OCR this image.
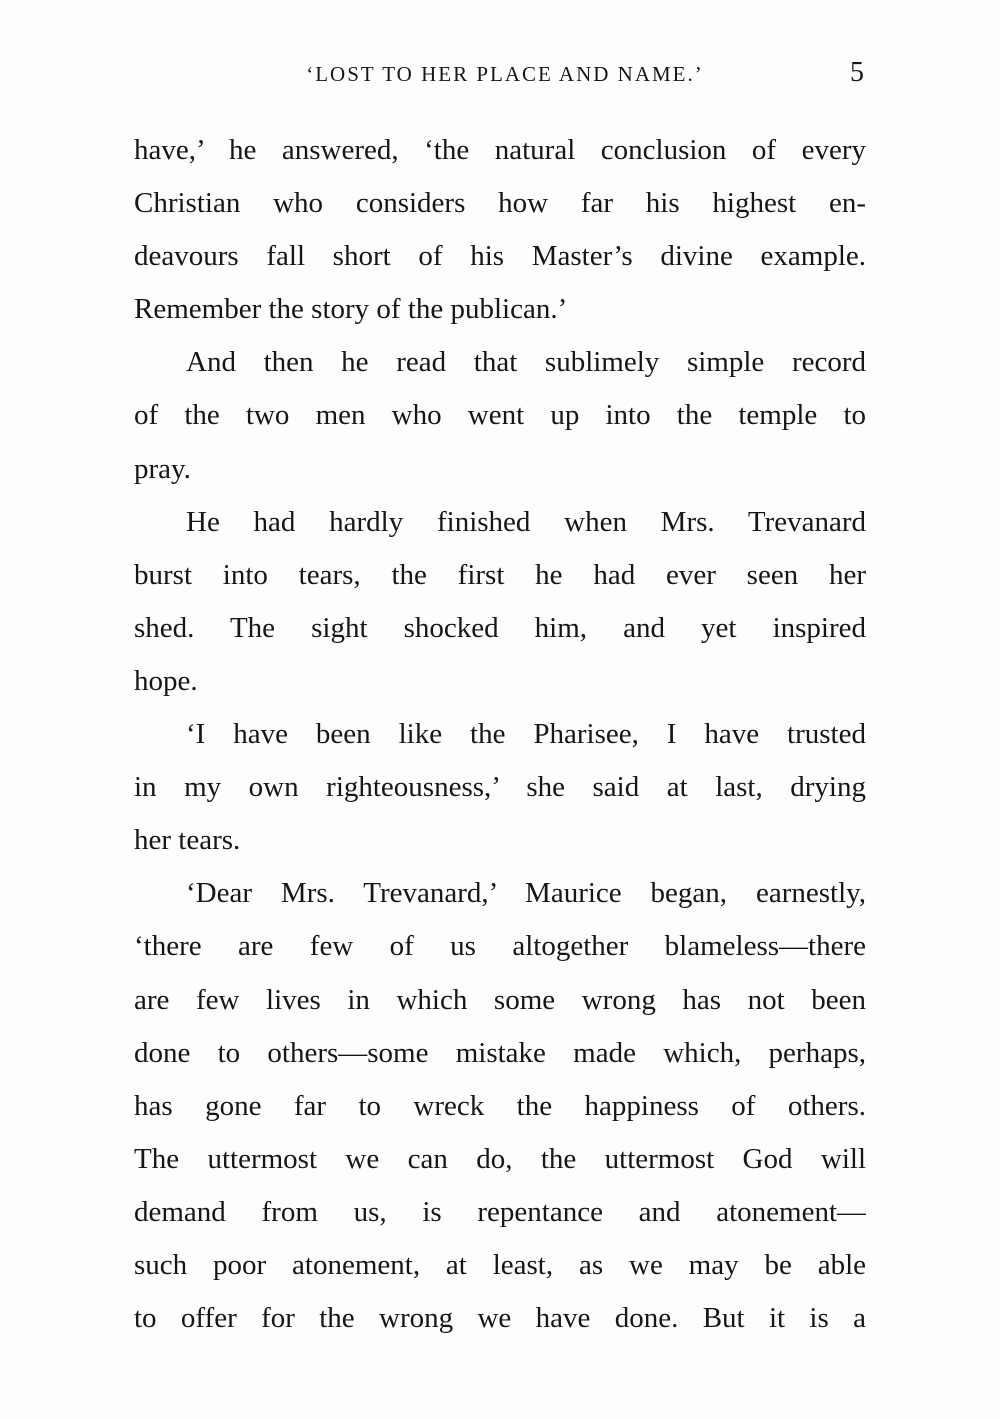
‘LOST TO HER PLACE AND NAME.’	5
have,’ he answered, ‘the natural conclusion of every
Christian who considers how far his highest en-
deavours fall short of his Master’s divine example.
Remember the story of the publican.’
And then he read that sublimely simple record
of the two men who went up into the temple to
pray.
He had hardly finished when Mrs. Trevanard
burst into tears, the first he had ever seen her
shed. The sight shocked him, and yet inspired
hope.
‘I have been like the Pharisee, I have trusted
in my own righteousness,’ she said at last, drying
her tears.
‘Dear Mrs. Trevanard,’ Maurice began, earnestly,
‘there are few of us altogether blameless—there
are few lives in which some wrong has not been
done to others—some mistake made which, perhaps,
has gone far to wreck the happiness of others.
The uttermost we can do, the uttermost God will
demand from us, is repentance and atonement—
such poor atonement, at least, as we may be able
to offer for the wrong we have done. But it is a
